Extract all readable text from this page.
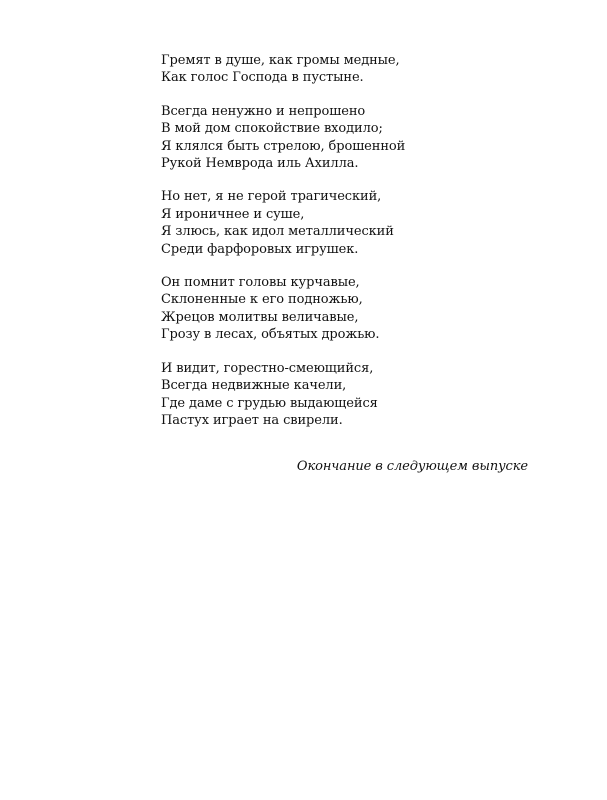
Гремят в душе, как громы медные,
Как голос Господа в пустыне.
Всегда ненужно и непрошено
В мой дом спокойствие входило;
Я клялся быть стрелою, брошенной
Рукой Немврода иль Ахилла.
Но нет, я не герой трагический,
Я ироничнее и суше,
Я злюсь, как идол металлический
Среди фарфоровых игрушек.
Он помнит головы курчавые,
Склоненные к его подножью,
Жрецов молитвы величавые,
Грозу в лесах, объятых дрожью.
И видит, горестно-смеющийся,
Всегда недвижные качели,
Где даме с грудью выдающейся
Пастух играет на свирели.
Окончание в следующем выпуске
